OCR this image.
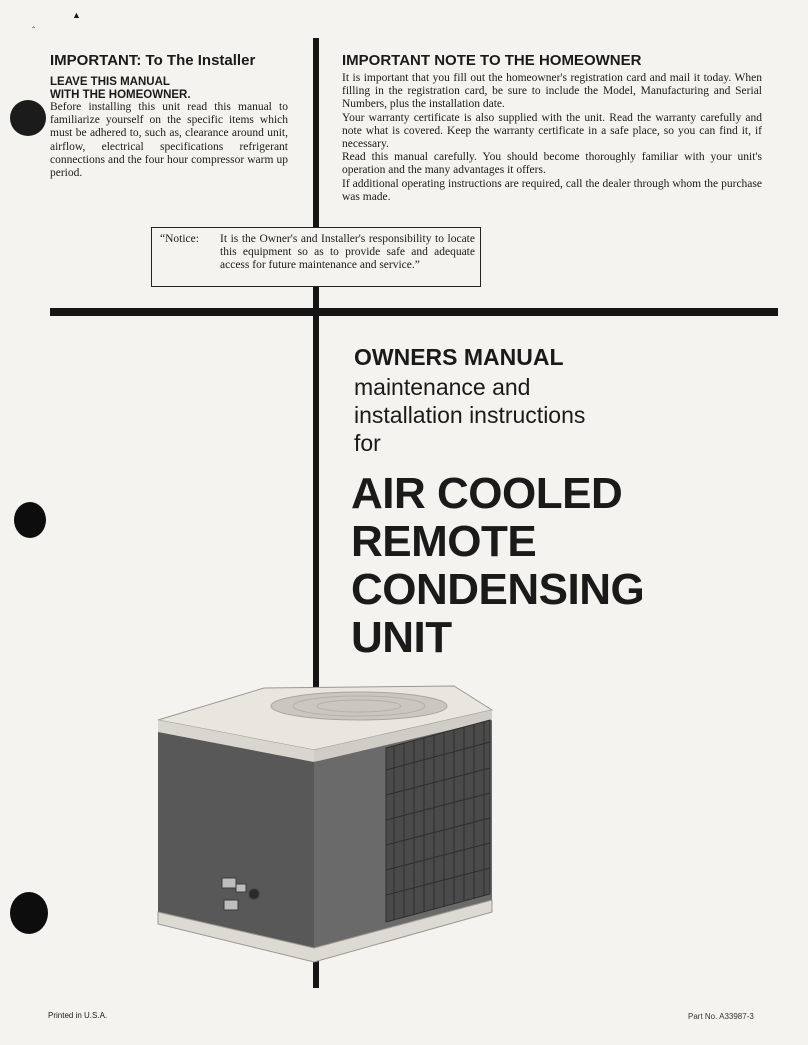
‸
▲
IMPORTANT: To The Installer
LEAVE THIS MANUAL
WITH THE HOMEOWNER.
Before installing this unit read this manual to familiarize yourself on the specific items which must be adhered to, such as, clearance around unit, airflow, electrical specifications refrigerant connections and the four hour compressor warm up period.
IMPORTANT NOTE TO THE HOMEOWNER

It is important that you fill out the homeowner's registration card and mail it today. When filling in the registration card, be sure to include the Model, Manufacturing and Serial Numbers, plus the installation date.

Your warranty certificate is also supplied with the unit. Read the warranty carefully and note what is covered. Keep the warranty certificate in a safe place, so you can find it, if necessary.

Read this manual carefully. You should become thoroughly familiar with your unit's operation and the many advantages it offers.

If additional operating instructions are required, call the dealer through whom the purchase was made.

“Notice: It is the Owner's and Installer's responsibility to locate this equipment so as to provide safe and adequate access for future maintenance and service.”
OWNERS MANUAL
maintenance and
installation instructions
for
AIR COOLED
REMOTE
CONDENSING
UNIT
Printed in U.S.A.	Part No. A33987-3
